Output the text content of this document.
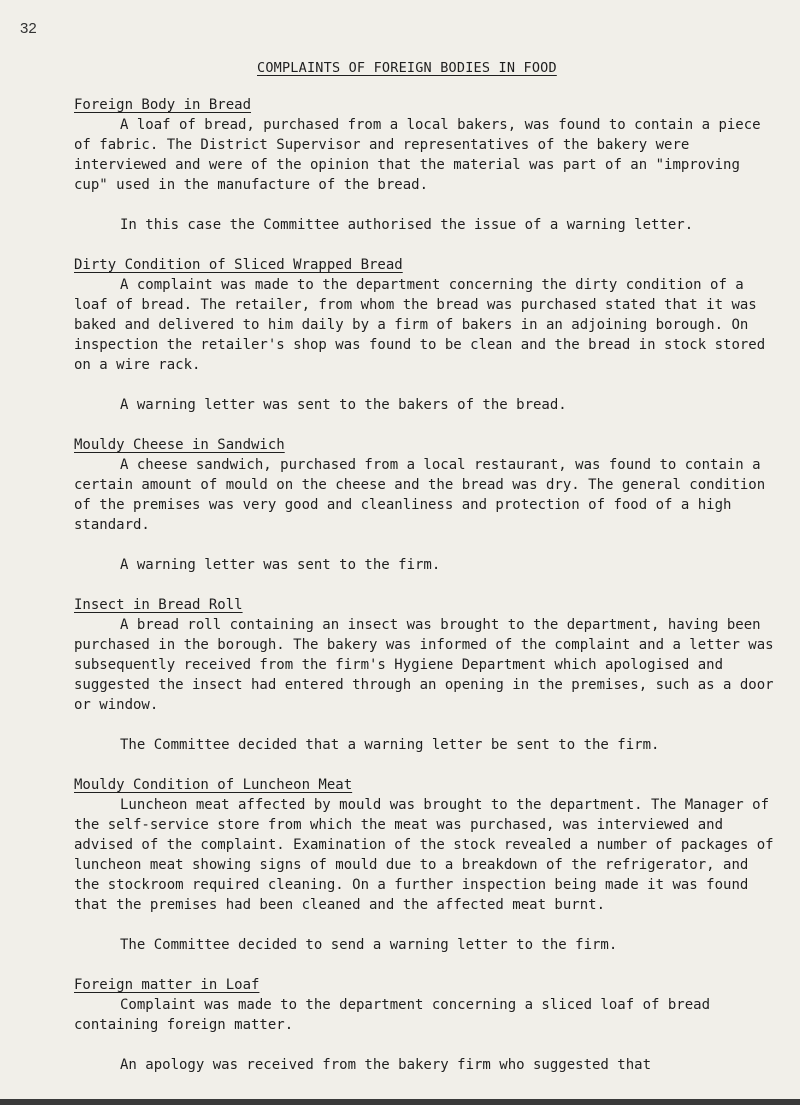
32
COMPLAINTS OF FOREIGN BODIES IN FOOD
Foreign Body in Bread

A loaf of bread, purchased from a local bakers, was found to contain a piece of fabric. The District Supervisor and representatives of the bakery were interviewed and were of the opinion that the material was part of an "improving cup" used in the manufacture of the bread.

In this case the Committee authorised the issue of a warning letter.

Dirty Condition of Sliced Wrapped Bread

A complaint was made to the department concerning the dirty condition of a loaf of bread. The retailer, from whom the bread was purchased stated that it was baked and delivered to him daily by a firm of bakers in an adjoining borough. On inspection the retailer's shop was found to be clean and the bread in stock stored on a wire rack.

A warning letter was sent to the bakers of the bread.

Mouldy Cheese in Sandwich

A cheese sandwich, purchased from a local restaurant, was found to contain a certain amount of mould on the cheese and the bread was dry. The general condition of the premises was very good and cleanliness and protection of food of a high standard.

A warning letter was sent to the firm.

Insect in Bread Roll

A bread roll containing an insect was brought to the department, having been purchased in the borough. The bakery was informed of the complaint and a letter was subsequently received from the firm's Hygiene Department which apologised and suggested the insect had entered through an opening in the premises, such as a door or window.

The Committee decided that a warning letter be sent to the firm.

Mouldy Condition of Luncheon Meat

Luncheon meat affected by mould was brought to the department. The Manager of the self-service store from which the meat was purchased, was interviewed and advised of the complaint. Examination of the stock revealed a number of packages of luncheon meat showing signs of mould due to a breakdown of the refrigerator, and the stockroom required cleaning. On a further inspection being made it was found that the premises had been cleaned and the affected meat burnt.

The Committee decided to send a warning letter to the firm.

Foreign matter in Loaf

Complaint was made to the department concerning a sliced loaf of bread containing foreign matter.

An apology was received from the bakery firm who suggested that
